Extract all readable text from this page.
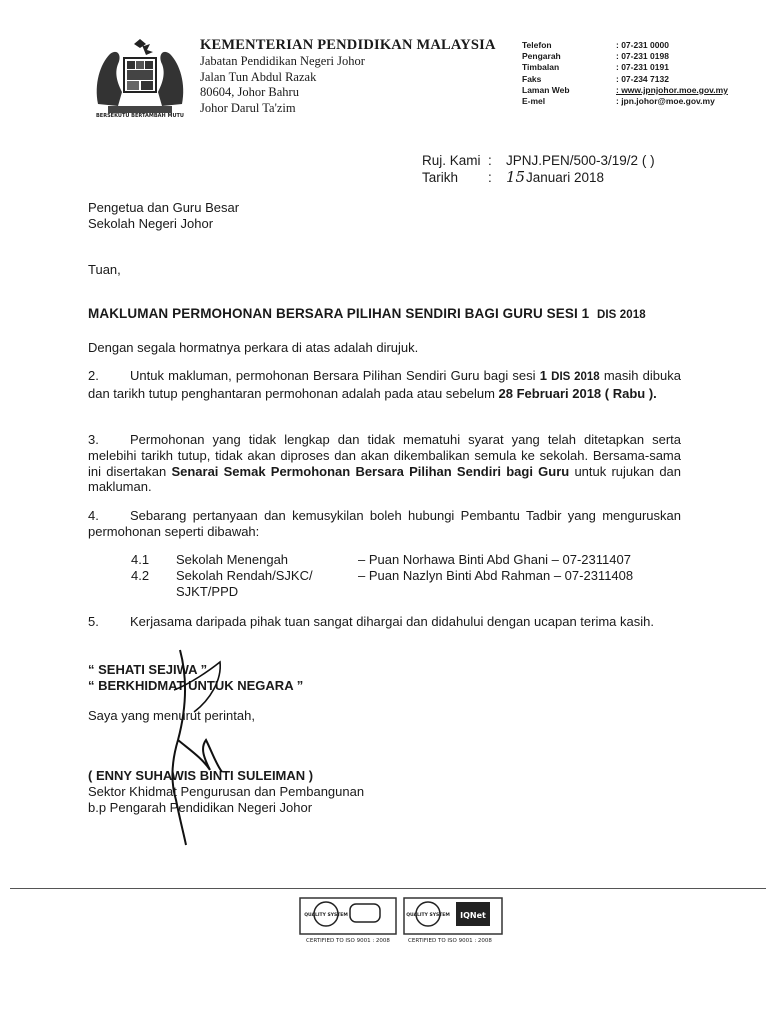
BERSEKUTU BERTAMBAH MUTU
KEMENTERIAN PENDIDIKAN MALAYSIA
Jabatan Pendidikan Negeri Johor
Jalan Tun Abdul Razak
80604, Johor Bahru
Johor Darul Ta'zim
Telefon	: 07-231 0000
Pengarah	: 07-231 0198
Timbalan	: 07-231 0191
Faks	: 07-234 7132
Laman Web	: www.jpnjohor.moe.gov.my
E-mel	: jpn.johor@moe.gov.my
Ruj. Kami :	JPNJ.PEN/500-3/19/2 ( )
Tarikh	: 15 Januari 2018
Pengetua dan Guru Besar
Sekolah Negeri Johor
Tuan,
MAKLUMAN PERMOHONAN BERSARA PILIHAN SENDIRI BAGI GURU SESI 1 DIS 2018
Dengan segala hormatnya perkara di atas adalah dirujuk.
2. Untuk makluman, permohonan Bersara Pilihan Sendiri Guru bagi sesi 1 DIS 2018 masih dibuka dan tarikh tutup penghantaran permohonan adalah pada atau sebelum 28 Februari 2018 ( Rabu ).
3. Permohonan yang tidak lengkap dan tidak mematuhi syarat yang telah ditetapkan serta melebihi tarikh tutup, tidak akan diproses dan akan dikembalikan semula ke sekolah. Bersama-sama ini disertakan Senarai Semak Permohonan Bersara Pilihan Sendiri bagi Guru untuk rujukan dan makluman.
4. Sebarang pertanyaan dan kemusykilan boleh hubungi Pembantu Tadbir yang menguruskan permohonan seperti dibawah:
4.1	Sekolah Menengah	– Puan Norhawa Binti Abd Ghani – 07-2311407
4.2	Sekolah Rendah/SJKC/	– Puan Nazlyn Binti Abd Rahman – 07-2311408
SJKT/PPD
5. Kerjasama daripada pihak tuan sangat dihargai dan didahului dengan ucapan terima kasih.
“ SEHATI SEJIWA ”
“ BERKHIDMAT UNTUK NEGARA ”
Saya yang menurut perintah,
( ENNY SUHAWIS BINTI SULEIMAN )
Sektor Khidmat Pengurusan dan Pembangunan
b.p Pengarah Pendidikan Negeri Johor
QUALITY SYSTEM	QUALITY SYSTEM IQNet
CERTIFIED TO ISO 9001 : 2008	CERTIFIED TO ISO 9001 : 2008
